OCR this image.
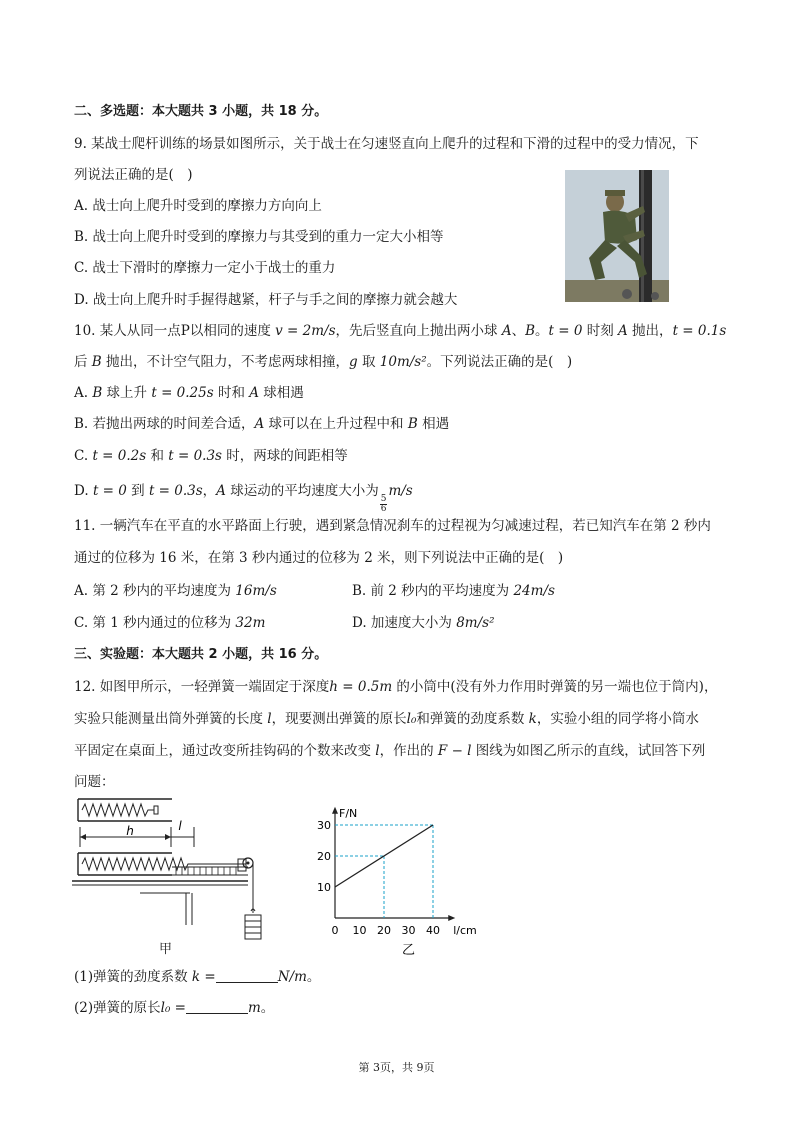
二、多选题：本大题共 3 小题，共 18 分。
9. 某战士爬杆训练的场景如图所示，关于战士在匀速竖直向上爬升的过程和下滑的过程中的受力情况，下
列说法正确的是(　)
A. 战士向上爬升时受到的摩擦力方向向上
B. 战士向上爬升时受到的摩擦力与其受到的重力一定大小相等
C. 战士下滑时的摩擦力一定小于战士的重力
D. 战士向上爬升时手握得越紧，杆子与手之间的摩擦力就会越大
10. 某人从同一点P以相同的速度 v = 2m/s，先后竖直向上抛出两小球 A、B。t = 0 时刻 A 抛出，t = 0.1s
后 B 抛出，不计空气阻力，不考虑两球相撞，g 取 10m/s²。下列说法正确的是(　)
A. B 球上升 t = 0.25s 时和 A 球相遇
B. 若抛出两球的时间差合适，A 球可以在上升过程中和 B 相遇
C. t = 0.2s 和 t = 0.3s 时，两球的间距相等
D. t = 0 到 t = 0.3s，A 球运动的平均速度大小为
$\frac{5}{6}$
m/s
11. 一辆汽车在平直的水平路面上行驶，遇到紧急情况刹车的过程视为匀减速过程，若已知汽车在第 2 秒内
通过的位移为 16 米，在第 3 秒内通过的位移为 2 米，则下列说法中正确的是(　)
A. 第 2 秒内的平均速度为 16m/s	B. 前 2 秒内的平均速度为 24m/s
C. 第 1 秒内通过的位移为 32m	D. 加速度大小为 8m/s²
三、实验题：本大题共 2 小题，共 16 分。
12. 如图甲所示，一轻弹簧一端固定于深度h = 0.5m 的小筒中(没有外力作用时弹簧的另一端也位于筒内)，
实验只能测量出筒外弹簧的长度 l，现要测出弹簧的原长l₀和弹簧的劲度系数 k，实验小组的同学将小筒水
平固定在桌面上，通过改变所挂钩码的个数来改变 l，作出的 F − l 图线为如图乙所示的直线，试回答下列
问题：
h	l
甲
F/N
l/cm
0 10 20 30 40
10
20
30
乙
(1)弹簧的劲度系数 k =	N/m。
(2)弹簧的原长l₀ =	m。
第 3页，共 9页
